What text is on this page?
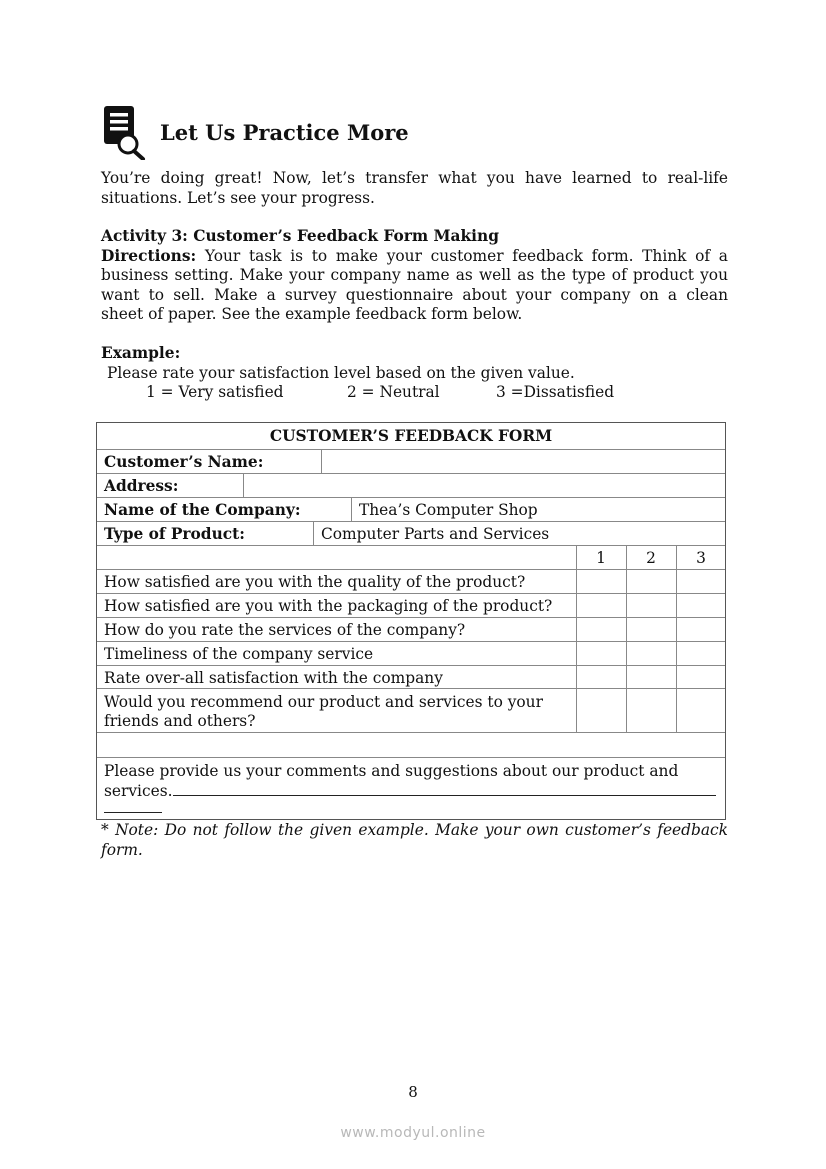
Let Us Practice More
You’re doing great! Now, let’s transfer what you have learned to real-life
situations. Let’s see your progress.
Activity 3: Customer’s Feedback Form Making
Directions: Your task is to make your customer feedback form. Think of a
business setting. Make your company name as well as the type of product you
want to sell. Make a survey questionnaire about your company on a clean
sheet of paper. See the example feedback form below.
Example:
Please rate your satisfaction level based on the given value.
1 = Very satisfied	2 = Neutral	3 =Dissatisfied
CUSTOMER’S FEEDBACK FORM
Customer’s Name:
Address:
Name of the Company:	Thea’s Computer Shop
Type of Product:	Computer Parts and Services
1	2	3
How satisfied are you with the quality of the product?
How satisfied are you with the packaging of the product?
How do you rate the services of the company?
Timeliness of the company service
Rate over-all satisfaction with the company
Would you recommend our product and services to your
friends and others?
Please provide us your comments and suggestions about our product and
services.
* Note: Do not follow the given example. Make your own customer’s feedback
form.
8
www.modyul.online
